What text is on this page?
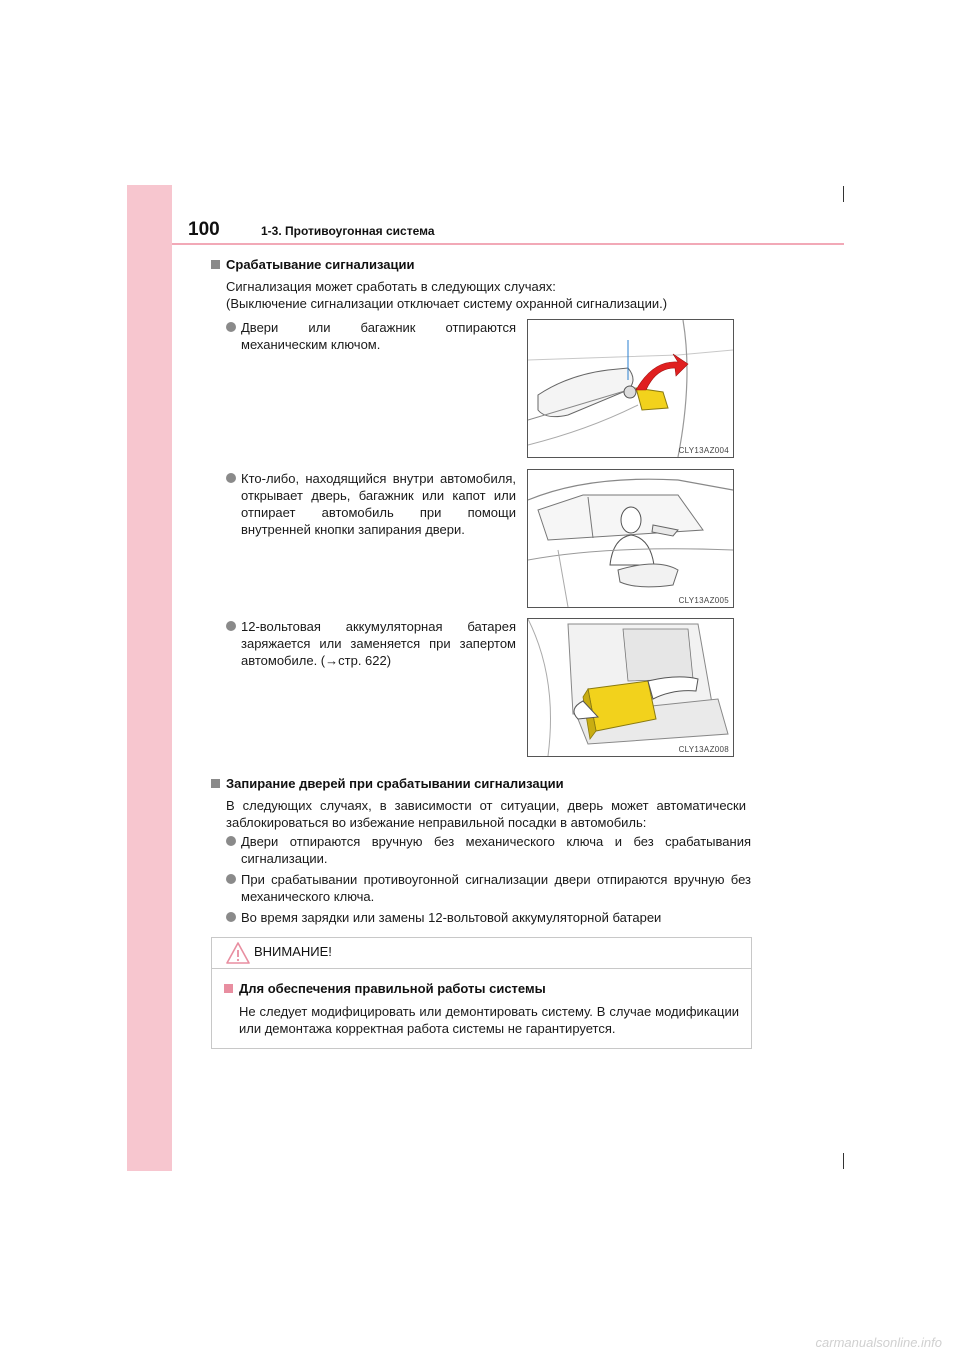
100	1-3. Противоугонная система
Срабатывание сигнализации
Сигнализация может сработать в следующих случаях:
(Выключение сигнализации отключает систему охранной сигнализации.)
Двери или багажник отпираются механическим ключом.
Кто-либо, находящийся внутри автомобиля, открывает дверь, багажник или капот или отпирает автомобиль при помощи внутренней кнопки запирания двери.
12-вольтовая аккумуляторная батарея заряжается или заменяется при запертом автомобиле. (→стр. 622)
CLY13AZ004
CLY13AZ005
CLY13AZ008
Запирание дверей при срабатывании сигнализации
В следующих случаях, в зависимости от ситуации, дверь может автоматически заблокироваться во избежание неправильной посадки в автомобиль:
Двери отпираются вручную без механического ключа и без срабатывания сигнализации.
При срабатывании противоугонной сигнализации двери отпираются вручную без механического ключа.
Во время зарядки или замены 12-вольтовой аккумуляторной батареи
ВНИМАНИЕ!
Для обеспечения правильной работы системы
Не следует модифицировать или демонтировать систему. В случае модификации или демонтажа корректная работа системы не гарантируется.
carmanualsonline.info
